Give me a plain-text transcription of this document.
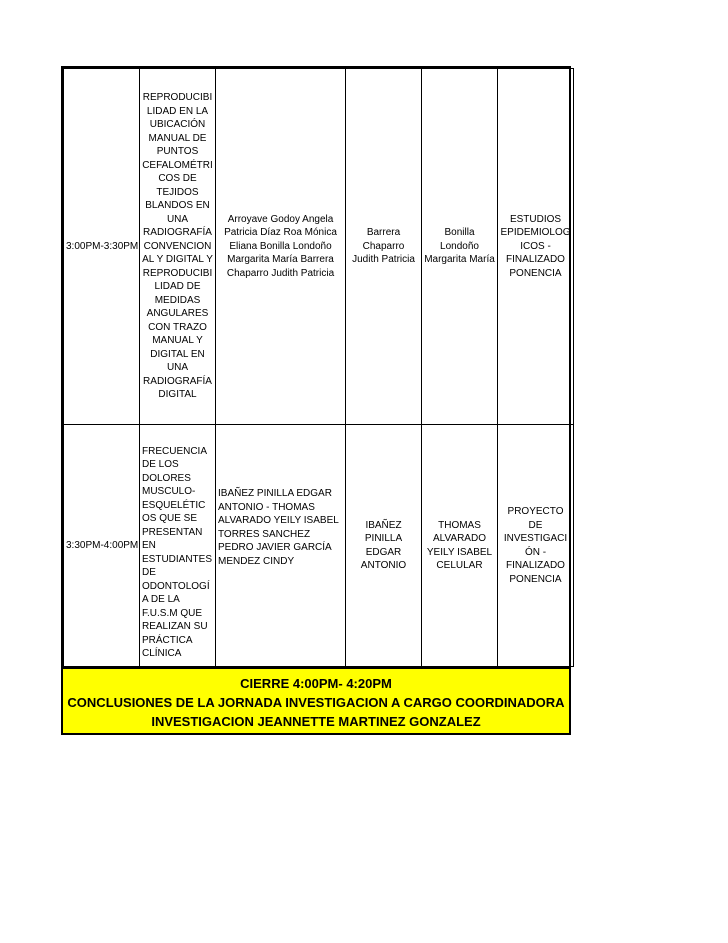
3:00PM-3:30PM	REPRODUCIBILIDAD EN LA UBICACIÓN MANUAL DE PUNTOS CEFALOMÉTRICOS DE TEJIDOS BLANDOS EN UNA RADIOGRAFÍA CONVENCIONAL Y DIGITAL Y REPRODUCIBILIDAD DE MEDIDAS ANGULARES CON TRAZO MANUAL Y DIGITAL EN UNA RADIOGRAFÍA DIGITAL	Arroyave Godoy Angela Patricia Díaz Roa Mónica Eliana Bonilla Londoño Margarita María Barrera Chaparro Judith Patricia	Barrera Chaparro Judith Patricia	Bonilla Londoño Margarita María	ESTUDIOS EPIDEMIOLOGICOS - FINALIZADO PONENCIA
3:30PM-4:00PM	FRECUENCIA DE LOS DOLORES MUSCULO-ESQUELÉTICOS QUE SE PRESENTAN EN ESTUDIANTES DE ODONTOLOGÍA DE LA F.U.S.M QUE REALIZAN SU PRÁCTICA CLÍNICA	IBAÑEZ PINILLA EDGAR ANTONIO - THOMAS ALVARADO YEILY ISABEL TORRES SANCHEZ PEDRO JAVIER GARCÍA MENDEZ CINDY	IBAÑEZ PINILLA EDGAR ANTONIO	THOMAS ALVARADO YEILY ISABEL CELULAR	PROYECTO DE INVESTIGACIÓN - FINALIZADO PONENCIA
CIERRE 4:00PM- 4:20PM
CONCLUSIONES DE LA JORNADA INVESTIGACION A CARGO COORDINADORA
INVESTIGACION JEANNETTE MARTINEZ GONZALEZ
